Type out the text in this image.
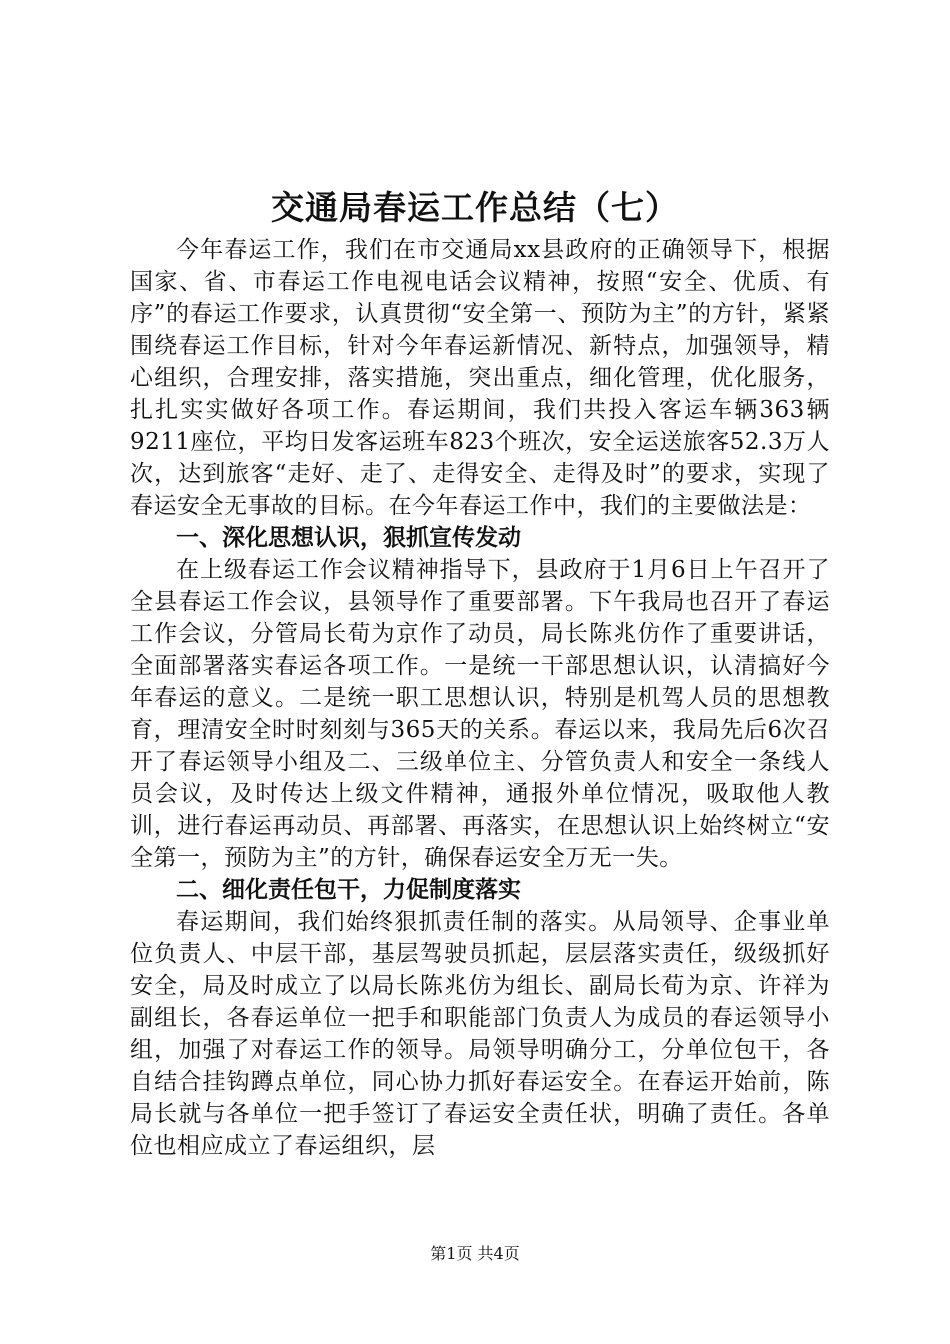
交通局春运工作总结（七）

今年春运工作，我们在市交通局xx县政府的正确领导下，根据国家、省、市春运工作电视电话会议精神，按照“安全、优质、有序”的春运工作要求，认真贯彻“安全第一、预防为主”的方针，紧紧围绕春运工作目标，针对今年春运新情况、新特点，加强领导，精心组织，合理安排，落实措施，突出重点，细化管理，优化服务，扎扎实实做好各项工作。春运期间，我们共投入客运车辆363辆9211座位，平均日发客运班车823个班次，安全运送旅客52.3万人次，达到旅客“走好、走了、走得安全、走得及时”的要求，实现了春运安全无事故的目标。在今年春运工作中，我们的主要做法是：

一、深化思想认识，狠抓宣传发动

在上级春运工作会议精神指导下，县政府于1月6日上午召开了全县春运工作会议，县领导作了重要部署。下午我局也召开了春运工作会议，分管局长荀为京作了动员，局长陈兆仿作了重要讲话，全面部署落实春运各项工作。一是统一干部思想认识，认清搞好今年春运的意义。二是统一职工思想认识，特别是机驾人员的思想教育，理清安全时时刻刻与365天的关系。春运以来，我局先后6次召开了春运领导小组及二、三级单位主、分管负责人和安全一条线人员会议，及时传达上级文件精神，通报外单位情况，吸取他人教训，进行春运再动员、再部署、再落实，在思想认识上始终树立“安全第一，预防为主”的方针，确保春运安全万无一失。

二、细化责任包干，力促制度落实

春运期间，我们始终狠抓责任制的落实。从局领导、企事业单位负责人、中层干部，基层驾驶员抓起，层层落实责任，级级抓好安全，局及时成立了以局长陈兆仿为组长、副局长荀为京、许祥为副组长，各春运单位一把手和职能部门负责人为成员的春运领导小组，加强了对春运工作的领导。局领导明确分工，分单位包干，各自结合挂钩蹲点单位，同心协力抓好春运安全。在春运开始前，陈局长就与各单位一把手签订了春运安全责任状，明确了责任。各单位也相应成立了春运组织，层

第1页 共4页
